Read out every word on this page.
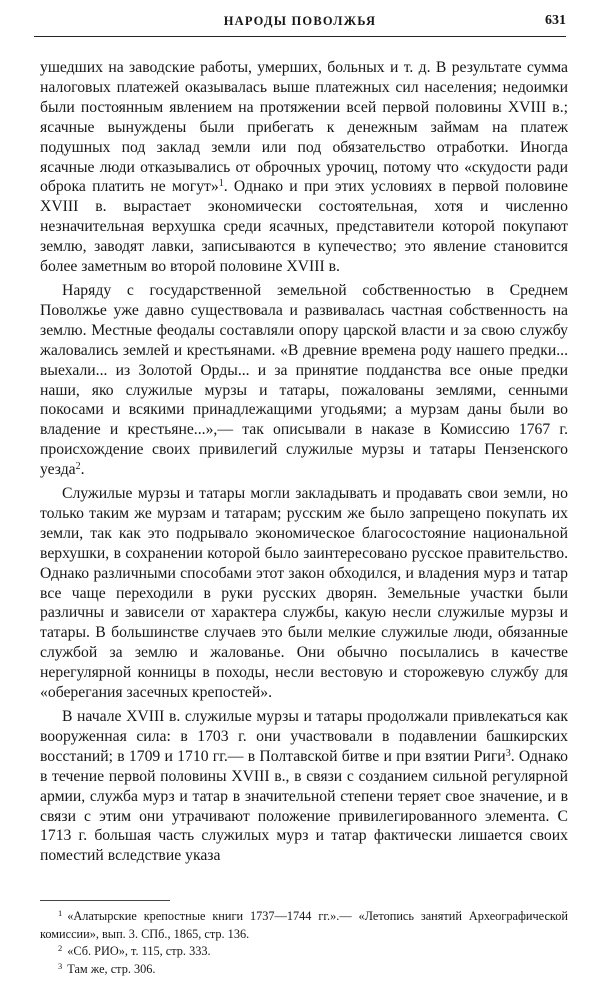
НАРОДЫ ПОВОЛЖЬЯ	631

ушедших на заводские работы, умерших, больных и т. д. В результате сумма налоговых платежей оказывалась выше платежных сил населения; недоимки были постоянным явлением на протяжении всей первой половины XVIII в.; ясачные вынуждены были прибегать к денежным займам на платеж подушных под заклад земли или под обязательство отработки. Иногда ясачные люди отказывались от оброчных урочиц, потому что «скудости ради оброка платить не могут»$^1$. Однако и при этих условиях в первой половине XVIII в. вырастает экономически состоятельная, хотя и численно незначительная верхушка среди ясачных, представители которой покупают землю, заводят лавки, записываются в купечество; это явление становится более заметным во второй половине XVIII в.

Наряду с государственной земельной собственностью в Среднем Поволжье уже давно существовала и развивалась частная собственность на землю. Местные феодалы составляли опору царской власти и за свою службу жаловались землей и крестьянами. «В древние времена роду нашего предки... выехали... из Золотой Орды... и за принятие подданства все оные предки наши, яко служилые мурзы и татары, пожалованы землями, сенными покосами и всякими принадлежащими угодьями; а мурзам даны были во владение и крестьяне...»,— так описывали в наказе в Комиссию 1767 г. происхождение своих привилегий служилые мурзы и татары Пензенского уезда$^2$.

Служилые мурзы и татары могли закладывать и продавать свои земли, но только таким же мурзам и татарам; русским же было запрещено покупать их земли, так как это подрывало экономическое благосостояние национальной верхушки, в сохранении которой было заинтересовано русское правительство. Однако различными способами этот закон обходился, и владения мурз и татар все чаще переходили в руки русских дворян. Земельные участки были различны и зависели от характера службы, какую несли служилые мурзы и татары. В большинстве случаев это были мелкие служилые люди, обязанные службой за землю и жалованье. Они обычно посылались в качестве нерегулярной конницы в походы, несли вестовую и сторожевую службу для «оберегания засечных крепостей».

В начале XVIII в. служилые мурзы и татары продолжали привлекаться как вооруженная сила: в 1703 г. они участвовали в подавлении башкирских восстаний; в 1709 и 1710 гг.— в Полтавской битве и при взятии Риги$^3$. Однако в течение первой половины XVIII в., в связи с созданием сильной регулярной армии, служба мурз и татар в значительной степени теряет свое значение, и в связи с этим они утрачивают положение привилегированного элемента. С 1713 г. большая часть служилых мурз и татар фактически лишается своих поместий вследствие указа

$^1$ «Алатырские крепостные книги 1737—1744 гг.».— «Летопись занятий Археографической комиссии», вып. 3. СПб., 1865, стр. 136.

$^2$ «Сб. РИО», т. 115, стр. 333.

$^3$ Там же, стр. 306.
